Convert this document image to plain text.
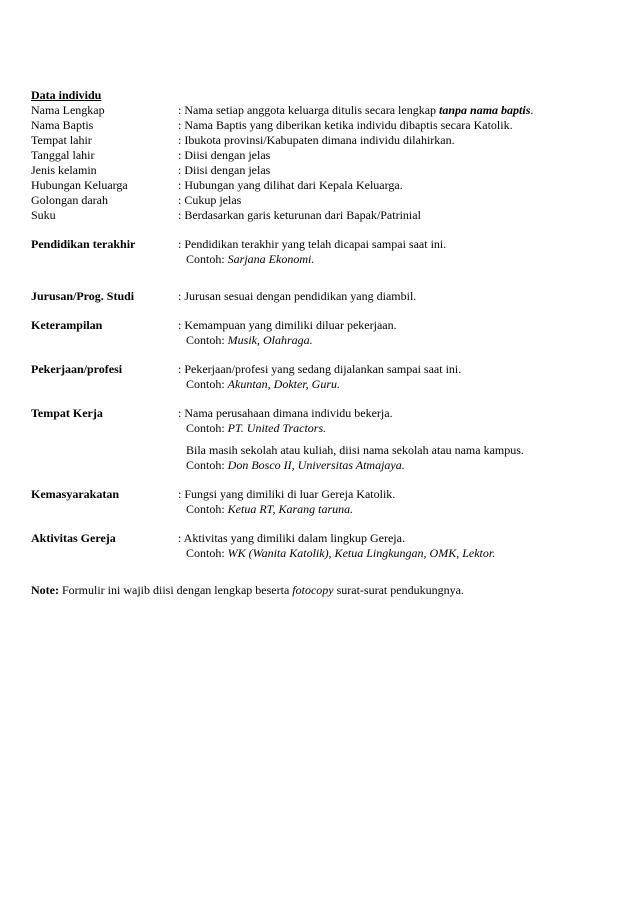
Data individu
Nama Lengkap	: Nama setiap anggota keluarga ditulis secara lengkap tanpa nama baptis.
Nama Baptis	: Nama Baptis yang diberikan ketika individu dibaptis secara Katolik.
Tempat lahir	: Ibukota provinsi/Kabupaten dimana individu dilahirkan.
Tanggal lahir	: Diisi dengan jelas
Jenis kelamin	: Diisi dengan jelas
Hubungan Keluarga	: Hubungan yang dilihat dari Kepala Keluarga.
Golongan darah	: Cukup jelas
Suku	: Berdasarkan garis keturunan dari Bapak/Patrinial
Pendidikan terakhir	: Pendidikan terakhir yang telah dicapai sampai saat ini.
Contoh: Sarjana Ekonomi.
Jurusan/Prog. Studi	: Jurusan sesuai dengan pendidikan yang diambil.
Keterampilan	: Kemampuan yang dimiliki diluar pekerjaan.
Contoh: Musik, Olahraga.
Pekerjaan/profesi	: Pekerjaan/profesi yang sedang dijalankan sampai saat ini.
Contoh: Akuntan, Dokter, Guru.
Tempat Kerja	: Nama perusahaan dimana individu bekerja.
Contoh: PT. United Tractors.
Bila masih sekolah atau kuliah, diisi nama sekolah atau nama kampus.
Contoh: Don Bosco II, Universitas Atmajaya.
Kemasyarakatan	: Fungsi yang dimiliki di luar Gereja Katolik.
Contoh: Ketua RT, Karang taruna.
Aktivitas Gereja	: Aktivitas yang dimiliki dalam lingkup Gereja.
Contoh: WK (Wanita Katolik), Ketua Lingkungan, OMK, Lektor.
Note: Formulir ini wajib diisi dengan lengkap beserta fotocopy surat-surat pendukungnya.
